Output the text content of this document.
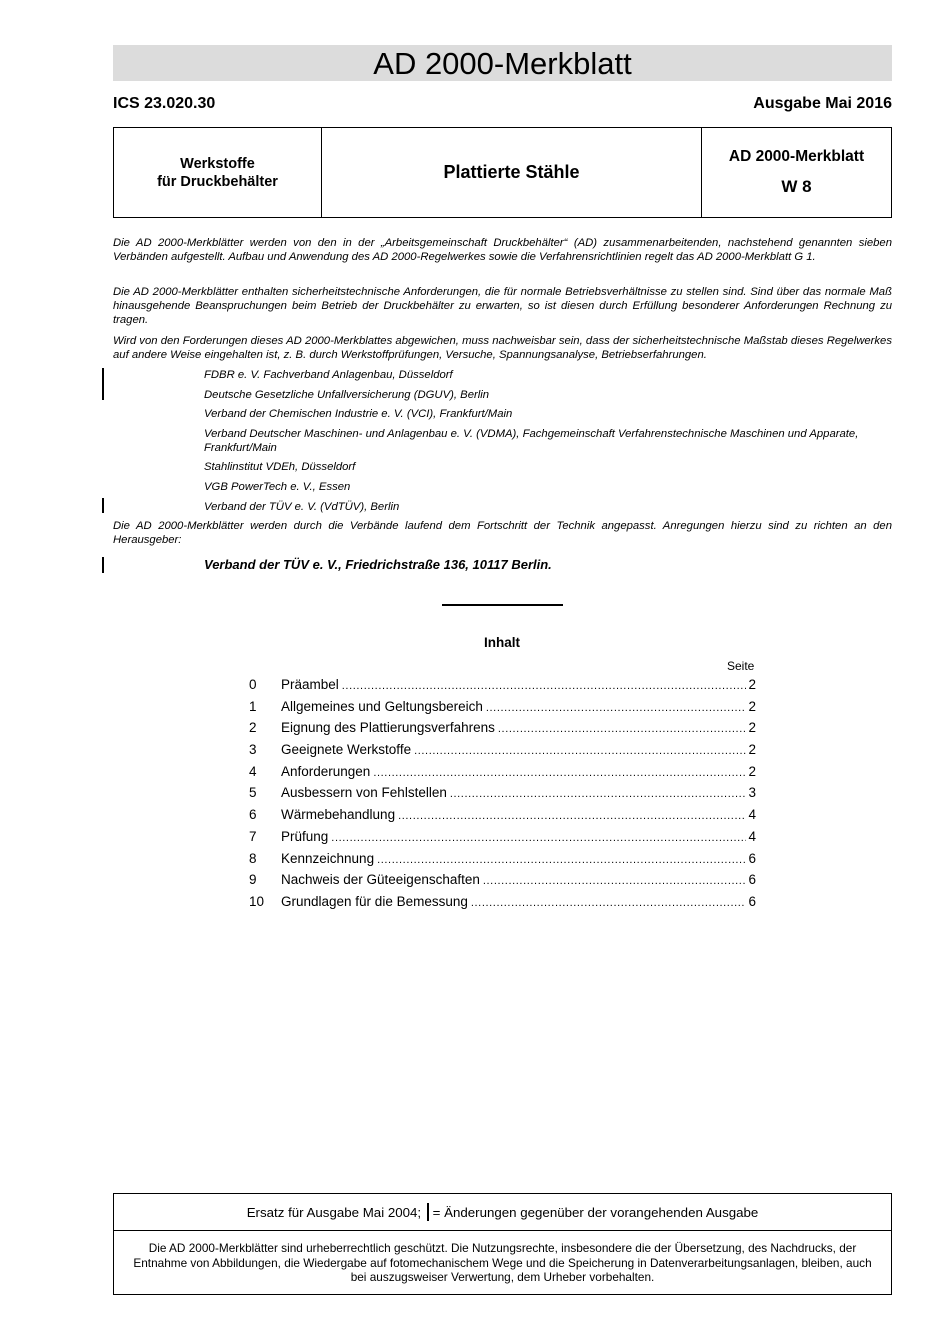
AD 2000-Merkblatt
ICS 23.020.30	Ausgabe Mai 2016
Werkstoffe
für Druckbehälter	Plattierte Stähle
AD 2000-Merkblatt
W 8
Die AD 2000-Merkblätter werden von den in der „Arbeitsgemeinschaft Druckbehälter“ (AD) zusammenarbeitenden, nachstehend genannten sieben Verbänden aufgestellt. Aufbau und Anwendung des AD 2000-Regelwerkes sowie die Verfahrensrichtlinien regelt das AD 2000-Merkblatt G 1.
Die AD 2000-Merkblätter enthalten sicherheitstechnische Anforderungen, die für normale Betriebsverhältnisse zu stellen sind. Sind über das normale Maß hinausgehende Beanspruchungen beim Betrieb der Druckbehälter zu erwarten, so ist diesen durch Erfüllung besonderer Anforderungen Rechnung zu tragen.
Wird von den Forderungen dieses AD 2000-Merkblattes abgewichen, muss nachweisbar sein, dass der sicherheitstechnische Maßstab dieses Regelwerkes auf andere Weise eingehalten ist, z. B. durch Werkstoffprüfungen, Versuche, Spannungsanalyse, Betriebserfahrungen.
FDBR e. V. Fachverband Anlagenbau, Düsseldorf
Deutsche Gesetzliche Unfallversicherung (DGUV), Berlin
Verband der Chemischen Industrie e. V. (VCI), Frankfurt/Main
Verband Deutscher Maschinen- und Anlagenbau e. V. (VDMA), Fachgemeinschaft Verfahrenstechnische Maschinen und Apparate, Frankfurt/Main
Stahlinstitut VDEh, Düsseldorf
VGB PowerTech e. V., Essen
Verband der TÜV e. V. (VdTÜV), Berlin
Die AD 2000-Merkblätter werden durch die Verbände laufend dem Fortschritt der Technik angepasst. Anregungen hierzu sind zu richten an den Herausgeber:
Verband der TÜV e. V., Friedrichstraße 136, 10117 Berlin.
Inhalt
Seite
0	Präambel .....	2
1	Allgemeines und Geltungsbereich .....	2
2	Eignung des Plattierungsverfahrens .....	2
3	Geeignete Werkstoffe .....	2
4	Anforderungen .....	2
5	Ausbessern von Fehlstellen .....	3
6	Wärmebehandlung .....	4
7	Prüfung .....	4
8	Kennzeichnung .....	6
9	Nachweis der Güteeigenschaften .....	6
10	Grundlagen für die Bemessung .....	6
Ersatz für Ausgabe Mai 2004; = Änderungen gegenüber der vorangehenden Ausgabe
Die AD 2000-Merkblätter sind urheberrechtlich geschützt. Die Nutzungsrechte, insbesondere die der Übersetzung, des Nachdrucks, der Entnahme von Abbildungen, die Wiedergabe auf fotomechanischem Wege und die Speicherung in Datenverarbeitungsanlagen, bleiben, auch bei auszugsweiser Verwertung, dem Urheber vorbehalten.
